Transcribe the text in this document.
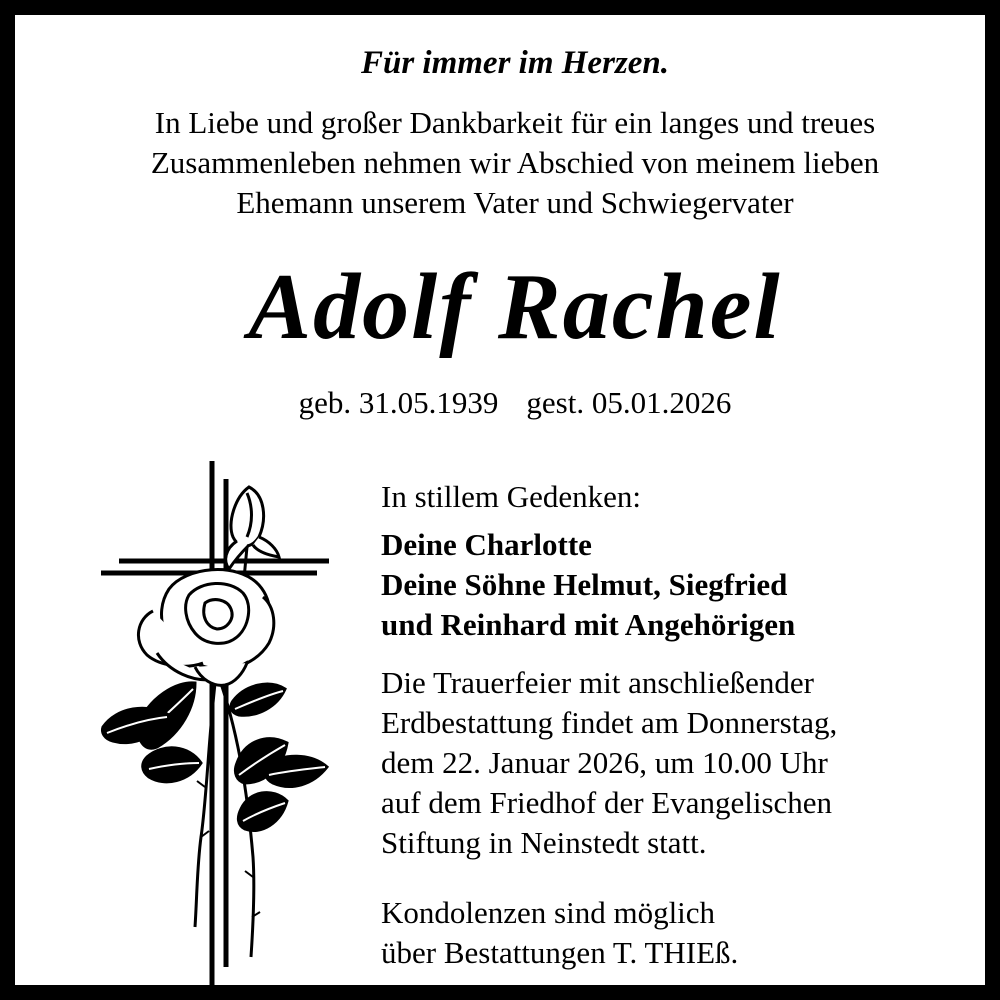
Für immer im Herzen.

In Liebe und großer Dankbarkeit für ein langes und treues
Zusammenleben nehmen wir Abschied von meinem lieben
Ehemann unserem Vater und Schwiegervater

Adolf Rachel

geb. 31.05.1939 gest. 05.01.2026

In stillem Gedenken:

Deine Charlotte
Deine Söhne Helmut, Siegfried
und Reinhard mit Angehörigen

Die Trauerfeier mit anschließender
Erdbestattung findet am Donnerstag,
dem 22. Januar 2026, um 10.00 Uhr
auf dem Friedhof der Evangelischen
Stiftung in Neinstedt statt.

Kondolenzen sind möglich
über Bestattungen T. THIEß.
